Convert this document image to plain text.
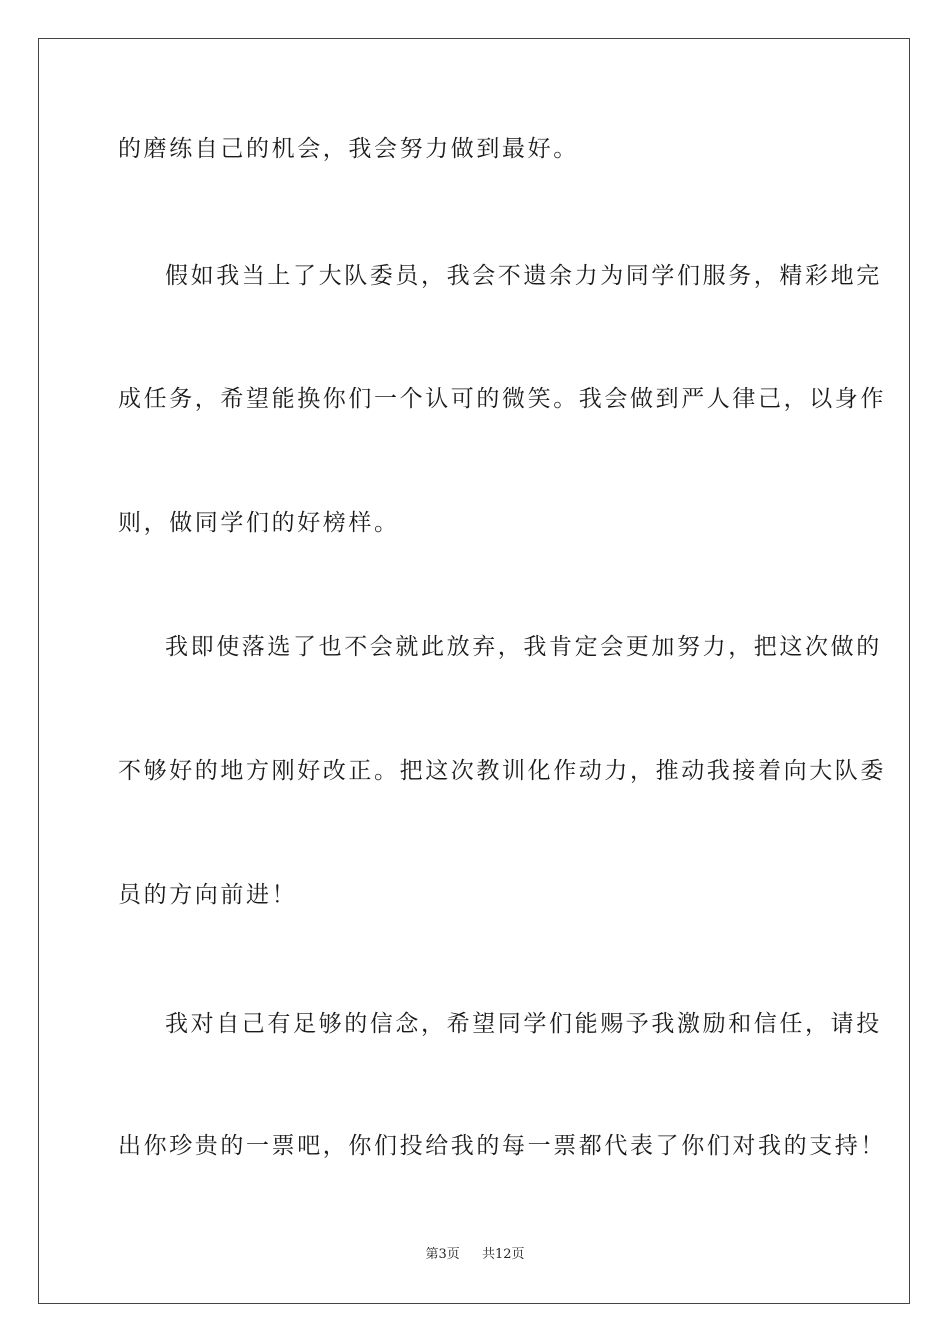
的磨练自己的机会，我会努力做到最好。
假如我当上了大队委员，我会不遗余力为同学们服务，精彩地完
成任务，希望能换你们一个认可的微笑。我会做到严人律己，以身作
则，做同学们的好榜样。
我即使落选了也不会就此放弃，我肯定会更加努力，把这次做的
不够好的地方刚好改正。把这次教训化作动力，推动我接着向大队委
员的方向前进！
我对自己有足够的信念，希望同学们能赐予我激励和信任，请投
出你珍贵的一票吧，你们投给我的每一票都代表了你们对我的支持！
第3页 共12页
